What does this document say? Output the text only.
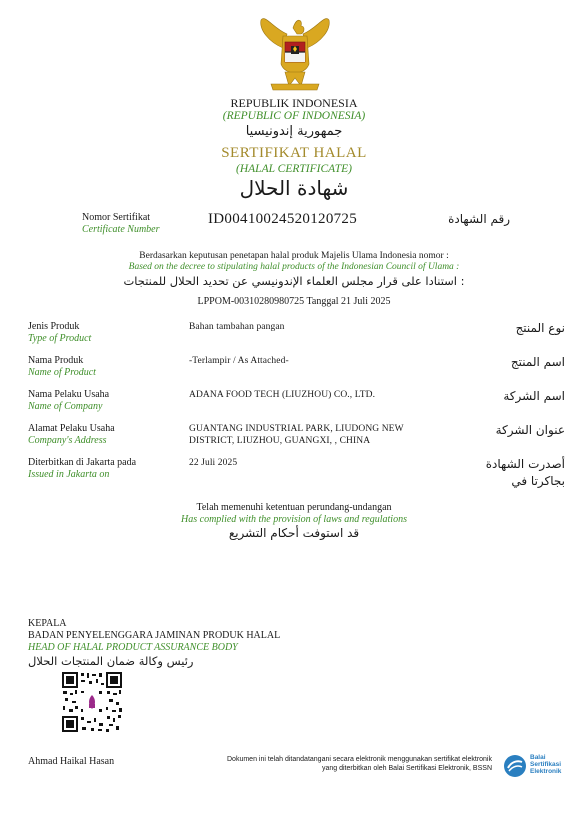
REPUBLIK INDONESIA
(REPUBLIC OF INDONESIA)
جمهورية إندونيسيا
SERTIFIKAT HALAL
(HALAL CERTIFICATE)
شهادة الحلال
Nomor Sertifikat
Certificate Number
ID00410024520120725	رقم الشهادة
Berdasarkan keputusan penetapan halal produk Majelis Ulama Indonesia nomor :
Based on the decree to stipulating halal products of the Indonesian Council of Ulama :
استنادا على قرار مجلس العلماء الإندونيسي عن تحديد الحلال للمنتجات :
LPPOM-00310280980725 Tanggal 21 Juli 2025
Jenis Produk
Type of Product
Bahan tambahan pangan	نوع المنتج
Nama Produk
Name of Product
-Terlampir / As Attached-	اسم المنتج
Nama Pelaku Usaha
Name of Company
ADANA FOOD TECH (LIUZHOU) CO., LTD.	اسم الشركة
Alamat Pelaku Usaha
Company's Address
GUANTANG INDUSTRIAL PARK, LIUDONG NEW
DISTRICT, LIUZHOU, GUANGXI, , CHINA
عنوان الشركة
Diterbitkan di Jakarta pada
Issued in Jakarta on
22 Juli 2025	أصدرت الشهادة
بجاكرتا في
Telah memenuhi ketentuan perundang-undangan
Has complied with the provision of laws and regulations
قد استوفت أحكام التشريع
KEPALA
BADAN PENYELENGGARA JAMINAN PRODUK HALAL
HEAD OF HALAL PRODUCT ASSURANCE BODY
رئيس وكالة ضمان المنتجات الحلال
Ahmad Haikal Hasan	Dokumen ini telah ditandatangani secara elektronik menggunakan sertifikat elektronik
yang diterbitkan oleh Balai Sertifikasi Elektronik, BSSN
Balai
Sertifikasi
Elektronik
